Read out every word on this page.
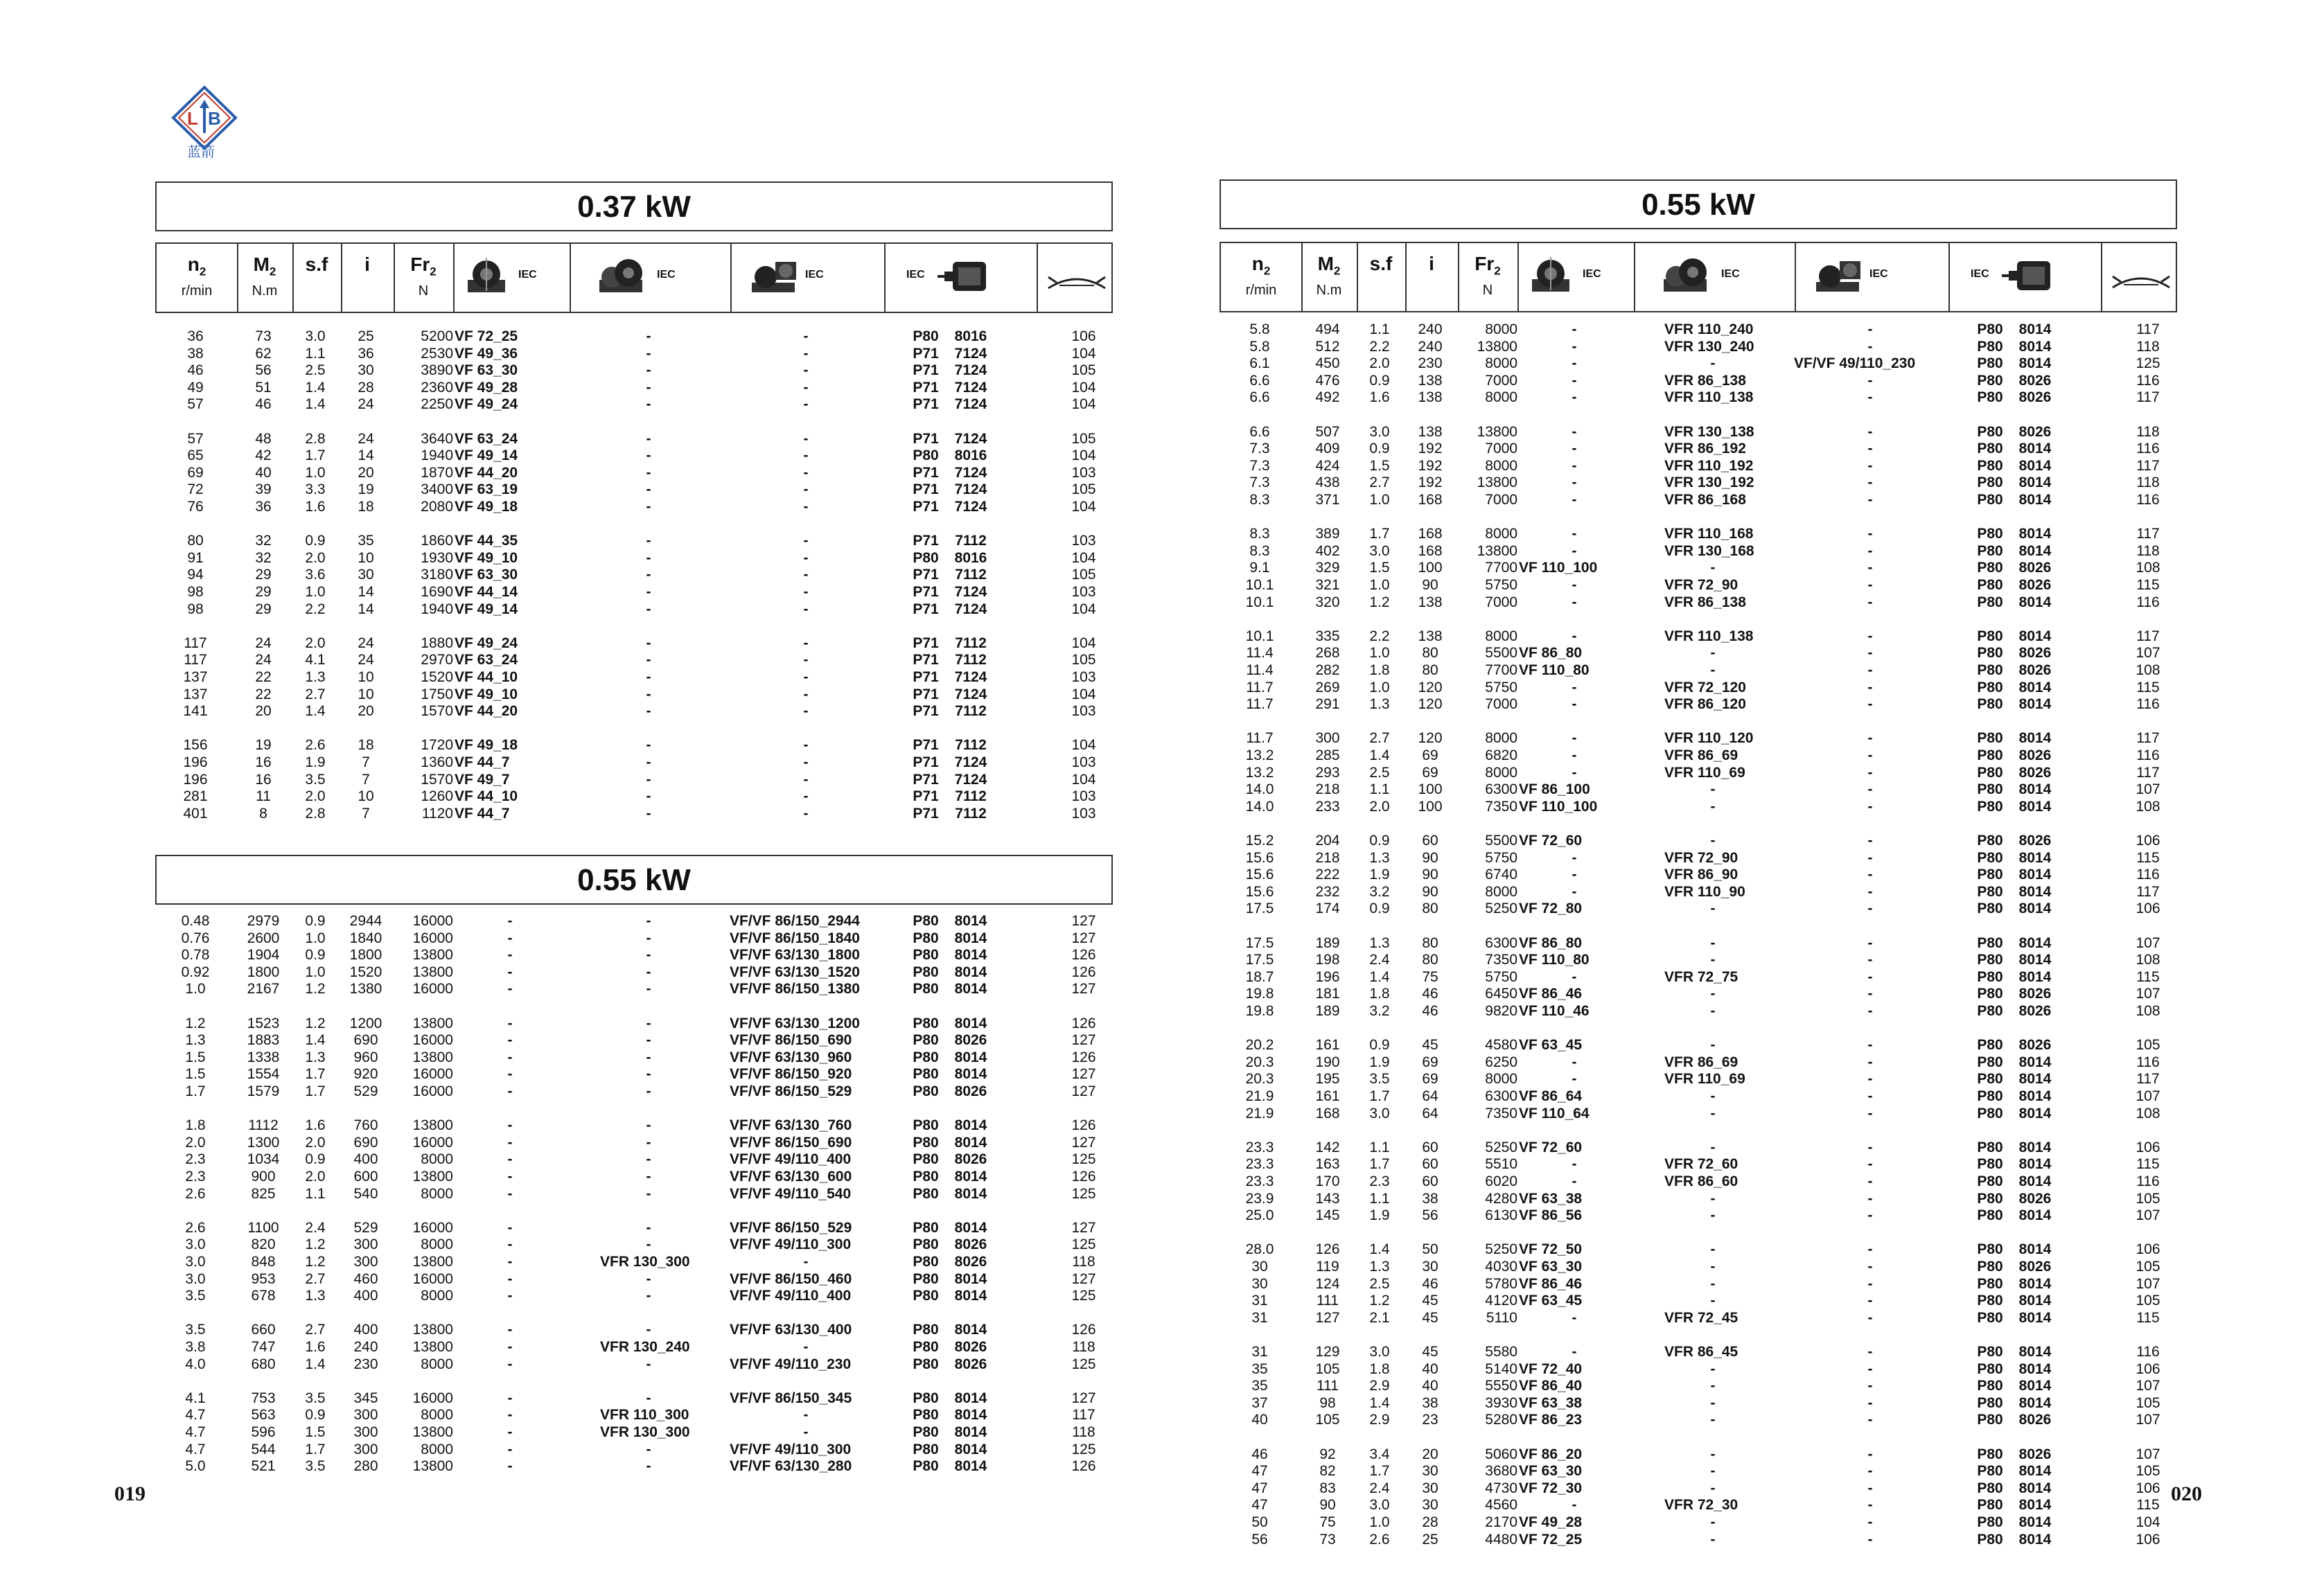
L B
蓝箭
019	020
0.37 kW
0.55 kW
0.55 kW
$n_2$
r/min
$M_2$
N.m
s.f	i	$Fr_2$
N
IEC	IEC	IEC	IEC
$n_2$
r/min
$M_2$
N.m
s.f	i	$Fr_2$
N
IEC	IEC	IEC	IEC
36	73	3.0	25	5200 VF 72_25	-	-	P80	8016	106
38	62	1.1	36	2530 VF 49_36	-	-	P71	7124	104
46	56	2.5	30	3890 VF 63_30	-	-	P71	7124	105
49	51	1.4	28	2360 VF 49_28	-	-	P71	7124	104
57	46	1.4	24	2250 VF 49_24	-	-	P71	7124	104
57	48	2.8	24	3640 VF 63_24	-	-	P71	7124	105
65	42	1.7	14	1940 VF 49_14	-	-	P80	8016	104
69	40	1.0	20	1870 VF 44_20	-	-	P71	7124	103
72	39	3.3	19	3400 VF 63_19	-	-	P71	7124	105
76	36	1.6	18	2080 VF 49_18	-	-	P71	7124	104
80	32	0.9	35	1860 VF 44_35	-	-	P71	7112	103
91	32	2.0	10	1930 VF 49_10	-	-	P80	8016	104
94	29	3.6	30	3180 VF 63_30	-	-	P71	7112	105
98	29	1.0	14	1690 VF 44_14	-	-	P71	7124	103
98	29	2.2	14	1940 VF 49_14	-	-	P71	7124	104
117	24	2.0	24	1880 VF 49_24	-	-	P71	7112	104
117	24	4.1	24	2970 VF 63_24	-	-	P71	7112	105
137	22	1.3	10	1520 VF 44_10	-	-	P71	7124	103
137	22	2.7	10	1750 VF 49_10	-	-	P71	7124	104
141	20	1.4	20	1570 VF 44_20	-	-	P71	7112	103
156	19	2.6	18	1720 VF 49_18	-	-	P71	7112	104
196	16	1.9	7	1360 VF 44_7	-	-	P71	7124	103
196	16	3.5	7	1570 VF 49_7	-	-	P71	7124	104
281	11	2.0	10	1260 VF 44_10	-	-	P71	7112	103
401	8	2.8	7	1120 VF 44_7	-	-	P71	7112	103
0.48	2979	0.9	2944	16000	-	-	VF/VF 86/150_2944	P80	8014	127
0.76	2600	1.0	1840	16000	-	-	VF/VF 86/150_1840	P80	8014	127
0.78	1904	0.9	1800	13800	-	-	VF/VF 63/130_1800	P80	8014	126
0.92	1800	1.0	1520	13800	-	-	VF/VF 63/130_1520	P80	8014	126
1.0	2167	1.2	1380	16000	-	-	VF/VF 86/150_1380	P80	8014	127
1.2	1523	1.2	1200	13800	-	-	VF/VF 63/130_1200	P80	8014	126
1.3	1883	1.4	690	16000	-	-	VF/VF 86/150_690	P80	8026	127
1.5	1338	1.3	960	13800	-	-	VF/VF 63/130_960	P80	8014	126
1.5	1554	1.7	920	16000	-	-	VF/VF 86/150_920	P80	8014	127
1.7	1579	1.7	529	16000	-	-	VF/VF 86/150_529	P80	8026	127
1.8	1112	1.6	760	13800	-	-	VF/VF 63/130_760	P80	8014	126
2.0	1300	2.0	690	16000	-	-	VF/VF 86/150_690	P80	8014	127
2.3	1034	0.9	400	8000	-	-	VF/VF 49/110_400	P80	8026	125
2.3	900	2.0	600	13800	-	-	VF/VF 63/130_600	P80	8014	126
2.6	825	1.1	540	8000	-	-	VF/VF 49/110_540	P80	8014	125
2.6	1100	2.4	529	16000	-	-	VF/VF 86/150_529	P80	8014	127
3.0	820	1.2	300	8000	-	-	VF/VF 49/110_300	P80	8026	125
3.0	848	1.2	300	13800	-	VFR 130_300	-	P80	8026	118
3.0	953	2.7	460	16000	-	-	VF/VF 86/150_460	P80	8014	127
3.5	678	1.3	400	8000	-	-	VF/VF 49/110_400	P80	8014	125
3.5	660	2.7	400	13800	-	-	VF/VF 63/130_400	P80	8014	126
3.8	747	1.6	240	13800	-	VFR 130_240	-	P80	8026	118
4.0	680	1.4	230	8000	-	-	VF/VF 49/110_230	P80	8026	125
4.1	753	3.5	345	16000	-	-	VF/VF 86/150_345	P80	8014	127
4.7	563	0.9	300	8000	-	VFR 110_300	-	P80	8014	117
4.7	596	1.5	300	13800	-	VFR 130_300	-	P80	8014	118
4.7	544	1.7	300	8000	-	-	VF/VF 49/110_300	P80	8014	125
5.0	521	3.5	280	13800	-	-	VF/VF 63/130_280	P80	8014	126
5.8	494	1.1	240	8000	-	VFR 110_240	-	P80	8014	117
5.8	512	2.2	240	13800	-	VFR 130_240	-	P80	8014	118
6.1	450	2.0	230	8000	-	-	VF/VF 49/110_230	P80	8014	125
6.6	476	0.9	138	7000	-	VFR 86_138	-	P80	8026	116
6.6	492	1.6	138	8000	-	VFR 110_138	-	P80	8026	117
6.6	507	3.0	138	13800	-	VFR 130_138	-	P80	8026	118
7.3	409	0.9	192	7000	-	VFR 86_192	-	P80	8014	116
7.3	424	1.5	192	8000	-	VFR 110_192	-	P80	8014	117
7.3	438	2.7	192	13800	-	VFR 130_192	-	P80	8014	118
8.3	371	1.0	168	7000	-	VFR 86_168	-	P80	8014	116
8.3	389	1.7	168	8000	-	VFR 110_168	-	P80	8014	117
8.3	402	3.0	168	13800	-	VFR 130_168	-	P80	8014	118
9.1	329	1.5	100	7700 VF 110_100	-	-	P80	8026	108
10.1	321	1.0	90	5750	-	VFR 72_90	-	P80	8026	115
10.1	320	1.2	138	7000	-	VFR 86_138	-	P80	8014	116
10.1	335	2.2	138	8000	-	VFR 110_138	-	P80	8014	117
11.4	268	1.0	80	5500 VF 86_80	-	-	P80	8026	107
11.4	282	1.8	80	7700 VF 110_80	-	-	P80	8026	108
11.7	269	1.0	120	5750	-	VFR 72_120	-	P80	8014	115
11.7	291	1.3	120	7000	-	VFR 86_120	-	P80	8014	116
11.7	300	2.7	120	8000	-	VFR 110_120	-	P80	8014	117
13.2	285	1.4	69	6820	-	VFR 86_69	-	P80	8026	116
13.2	293	2.5	69	8000	-	VFR 110_69	-	P80	8026	117
14.0	218	1.1	100	6300 VF 86_100	-	-	P80	8014	107
14.0	233	2.0	100	7350 VF 110_100	-	-	P80	8014	108
15.2	204	0.9	60	5500 VF 72_60	-	-	P80	8026	106
15.6	218	1.3	90	5750	-	VFR 72_90	-	P80	8014	115
15.6	222	1.9	90	6740	-	VFR 86_90	-	P80	8014	116
15.6	232	3.2	90	8000	-	VFR 110_90	-	P80	8014	117
17.5	174	0.9	80	5250 VF 72_80	-	-	P80	8014	106
17.5	189	1.3	80	6300 VF 86_80	-	-	P80	8014	107
17.5	198	2.4	80	7350 VF 110_80	-	-	P80	8014	108
18.7	196	1.4	75	5750	-	VFR 72_75	-	P80	8014	115
19.8	181	1.8	46	6450 VF 86_46	-	-	P80	8026	107
19.8	189	3.2	46	9820 VF 110_46	-	-	P80	8026	108
20.2	161	0.9	45	4580 VF 63_45	-	-	P80	8026	105
20.3	190	1.9	69	6250	-	VFR 86_69	-	P80	8014	116
20.3	195	3.5	69	8000	-	VFR 110_69	-	P80	8014	117
21.9	161	1.7	64	6300 VF 86_64	-	-	P80	8014	107
21.9	168	3.0	64	7350 VF 110_64	-	-	P80	8014	108
23.3	142	1.1	60	5250 VF 72_60	-	-	P80	8014	106
23.3	163	1.7	60	5510	-	VFR 72_60	-	P80	8014	115
23.3	170	2.3	60	6020	-	VFR 86_60	-	P80	8014	116
23.9	143	1.1	38	4280 VF 63_38	-	-	P80	8026	105
25.0	145	1.9	56	6130 VF 86_56	-	-	P80	8014	107
28.0	126	1.4	50	5250 VF 72_50	-	-	P80	8014	106
30	119	1.3	30	4030 VF 63_30	-	-	P80	8026	105
30	124	2.5	46	5780 VF 86_46	-	-	P80	8014	107
31	111	1.2	45	4120 VF 63_45	-	-	P80	8014	105
31	127	2.1	45	5110	-	VFR 72_45	-	P80	8014	115
31	129	3.0	45	5580	-	VFR 86_45	-	P80	8014	116
35	105	1.8	40	5140 VF 72_40	-	-	P80	8014	106
35	111	2.9	40	5550 VF 86_40	-	-	P80	8014	107
37	98	1.4	38	3930 VF 63_38	-	-	P80	8014	105
40	105	2.9	23	5280 VF 86_23	-	-	P80	8026	107
46	92	3.4	20	5060 VF 86_20	-	-	P80	8026	107
47	82	1.7	30	3680 VF 63_30	-	-	P80	8014	105
47	83	2.4	30	4730 VF 72_30	-	-	P80	8014	106
47	90	3.0	30	4560	-	VFR 72_30	-	P80	8014	115
50	75	1.0	28	2170 VF 49_28	-	-	P80	8014	104
56	73	2.6	25	4480 VF 72_25	-	-	P80	8014	106
